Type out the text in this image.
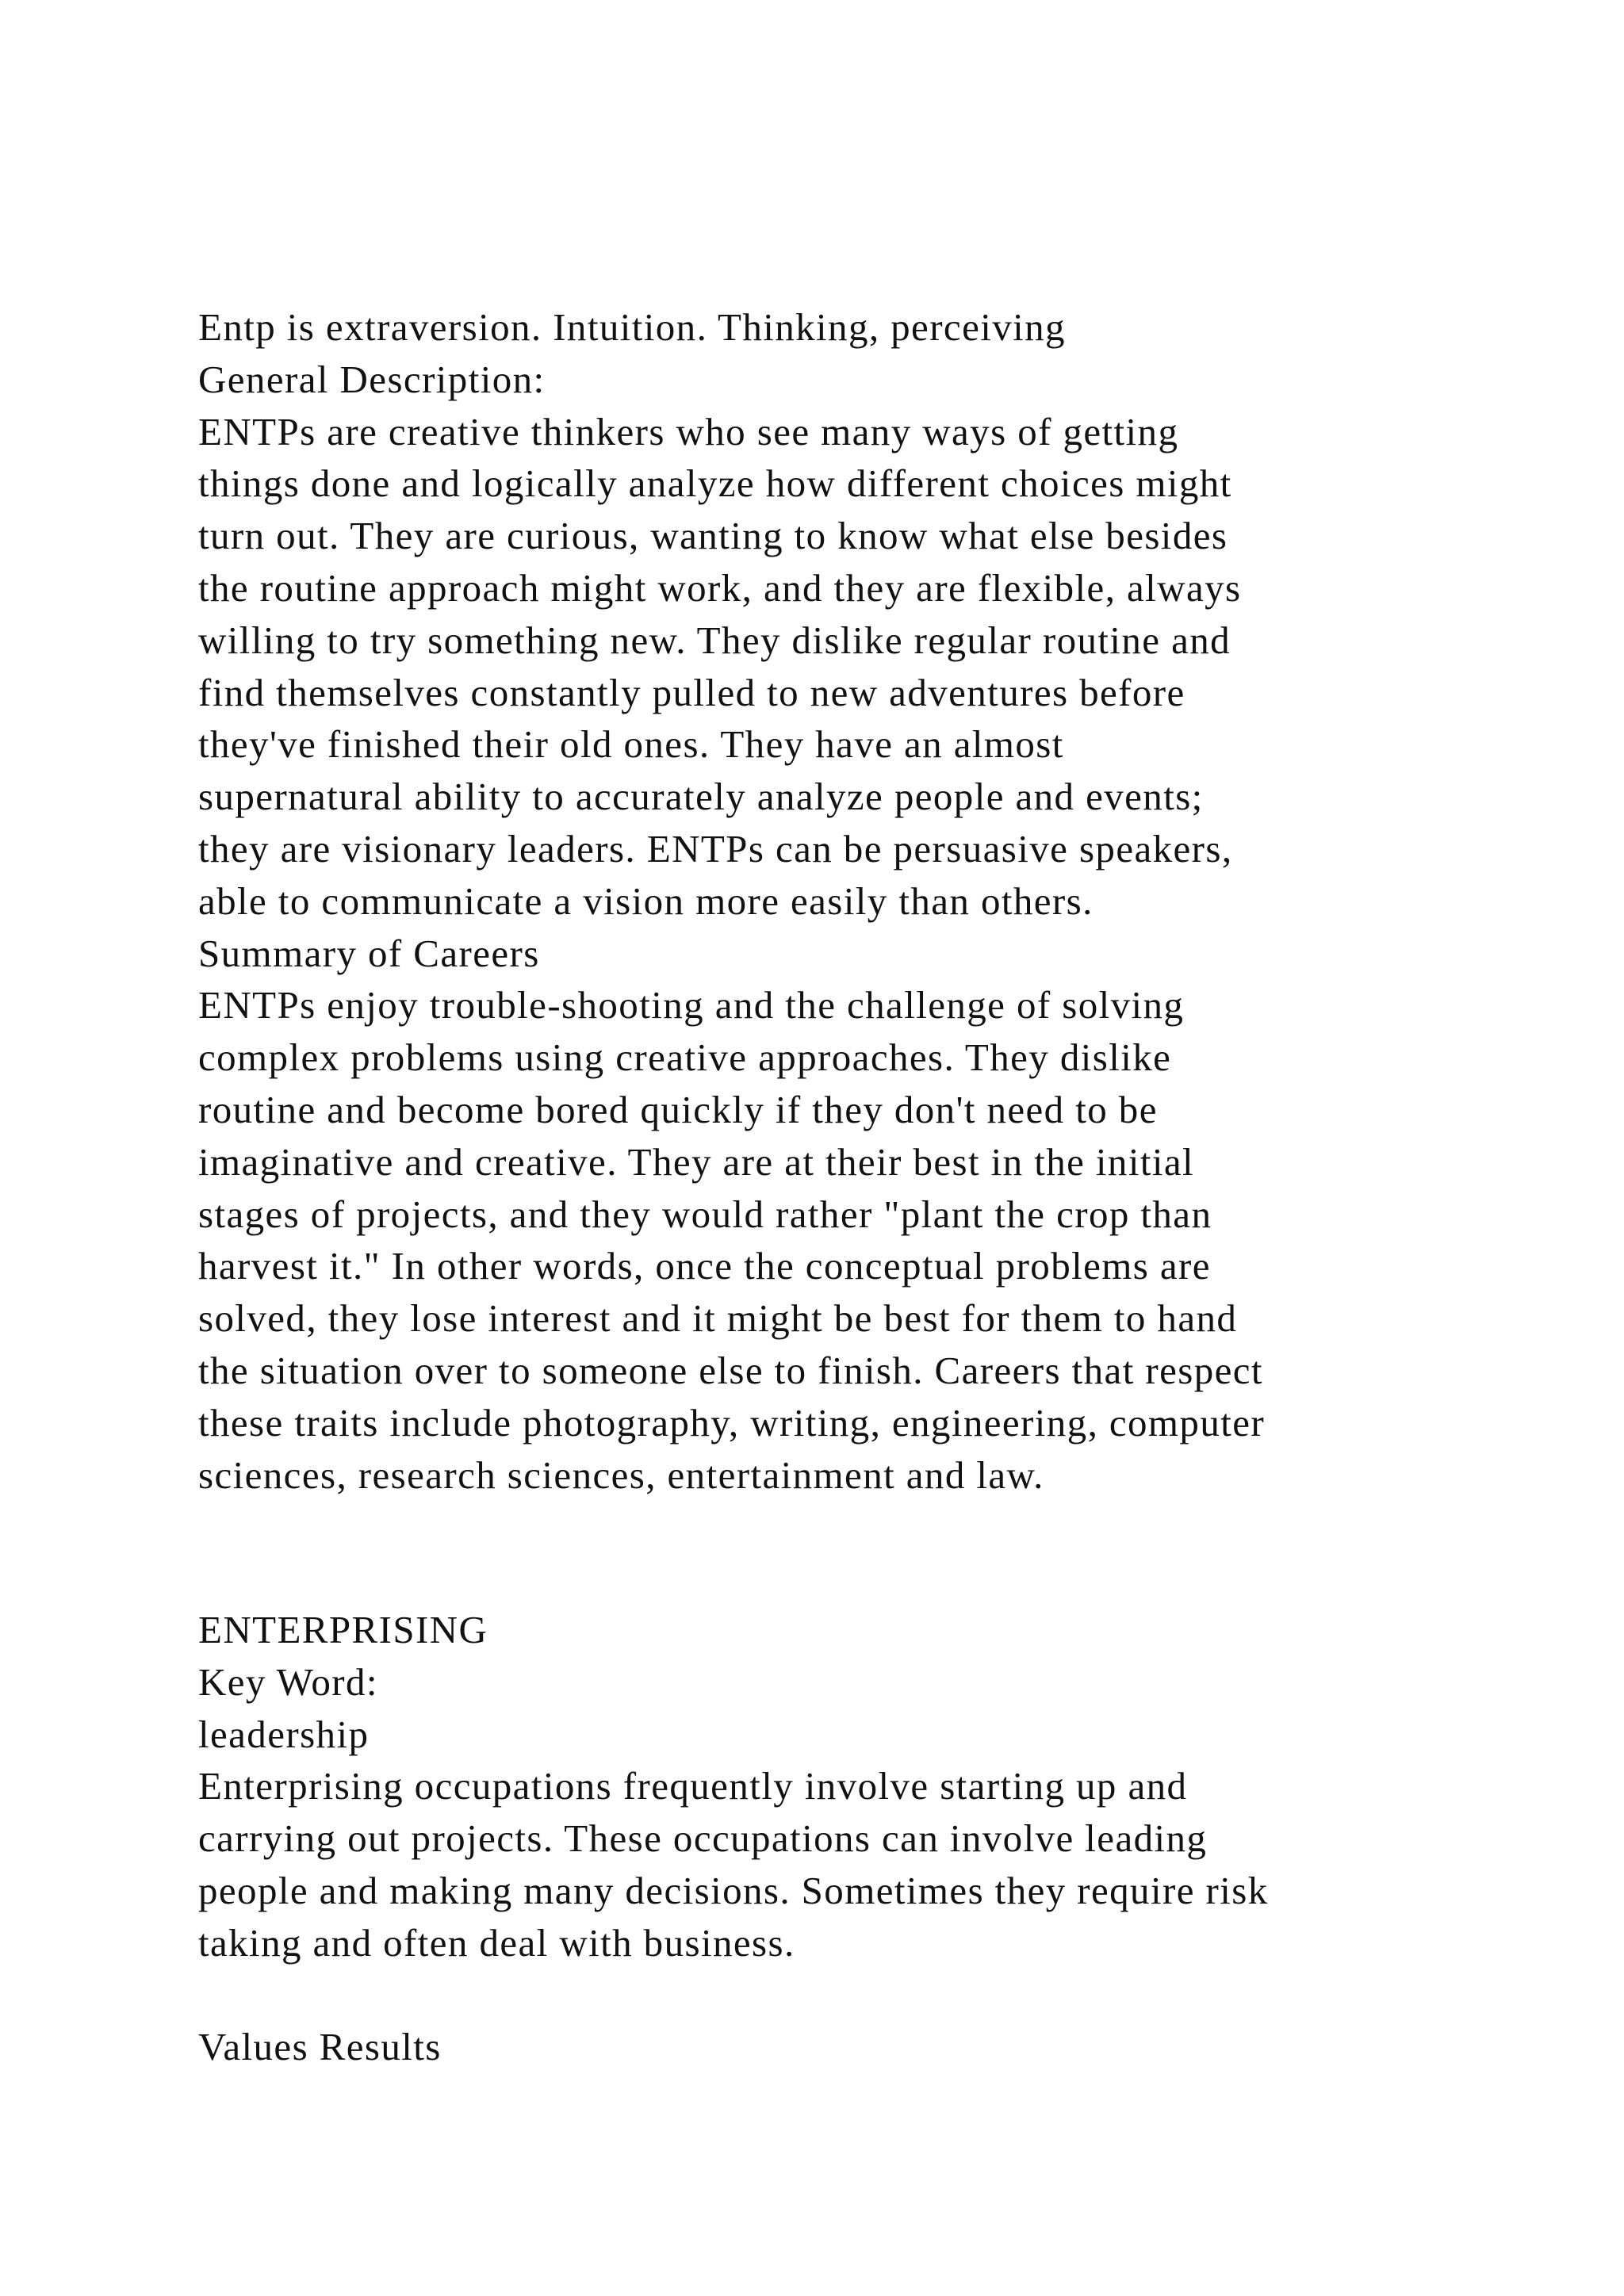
Entp is extraversion. Intuition. Thinking, perceiving
General Description:
ENTPs are creative thinkers who see many ways of getting
things done and logically analyze how different choices might
turn out. They are curious, wanting to know what else besides
the routine approach might work, and they are flexible, always
willing to try something new. They dislike regular routine and
find themselves constantly pulled to new adventures before
they've finished their old ones. They have an almost
supernatural ability to accurately analyze people and events;
they are visionary leaders. ENTPs can be persuasive speakers,
able to communicate a vision more easily than others.
Summary of Careers
ENTPs enjoy trouble-shooting and the challenge of solving
complex problems using creative approaches. They dislike
routine and become bored quickly if they don't need to be
imaginative and creative. They are at their best in the initial
stages of projects, and they would rather "plant the crop than
harvest it." In other words, once the conceptual problems are
solved, they lose interest and it might be best for them to hand
the situation over to someone else to finish. Careers that respect
these traits include photography, writing, engineering, computer
sciences, research sciences, entertainment and law.
ENTERPRISING
Key Word:
leadership
Enterprising occupations frequently involve starting up and
carrying out projects. These occupations can involve leading
people and making many decisions. Sometimes they require risk
taking and often deal with business.
Values Results
